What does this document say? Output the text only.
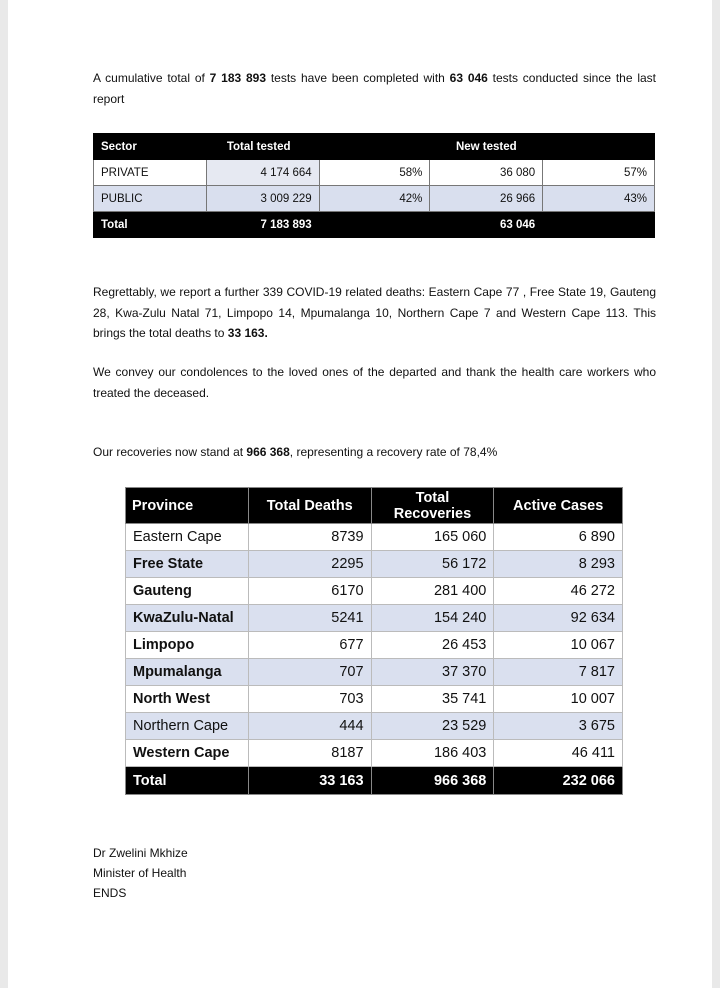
A cumulative total of 7 183 893 tests have been completed with 63 046 tests conducted since the last report

Sector	Total tested		New tested	
PRIVATE	4 174 664	58%	36 080	57%
PUBLIC	3 009 229	42%	26 966	43%
Total	7 183 893		63 046	

Regrettably, we report a further 339 COVID-19 related deaths: Eastern Cape 77 , Free State 19, Gauteng 28, Kwa-Zulu Natal 71, Limpopo 14, Mpumalanga 10, Northern Cape 7 and Western Cape 113. This brings the total deaths to 33 163.

We convey our condolences to the loved ones of the departed and thank the health care workers who treated the deceased.

Our recoveries now stand at 966 368, representing a recovery rate of 78,4%

Province	Total Deaths	Total Recoveries	Active Cases
Eastern Cape	8739	165 060	6 890
Free State	2295	56 172	8 293
Gauteng	6170	281 400	46 272
KwaZulu-Natal	5241	154 240	92 634
Limpopo	677	26 453	10 067
Mpumalanga	707	37 370	7 817
North West	703	35 741	10 007
Northern Cape	444	23 529	3 675
Western Cape	8187	186 403	46 411
Total	33 163	966 368	232 066
Dr Zwelini Mkhize
Minister of Health
ENDS
